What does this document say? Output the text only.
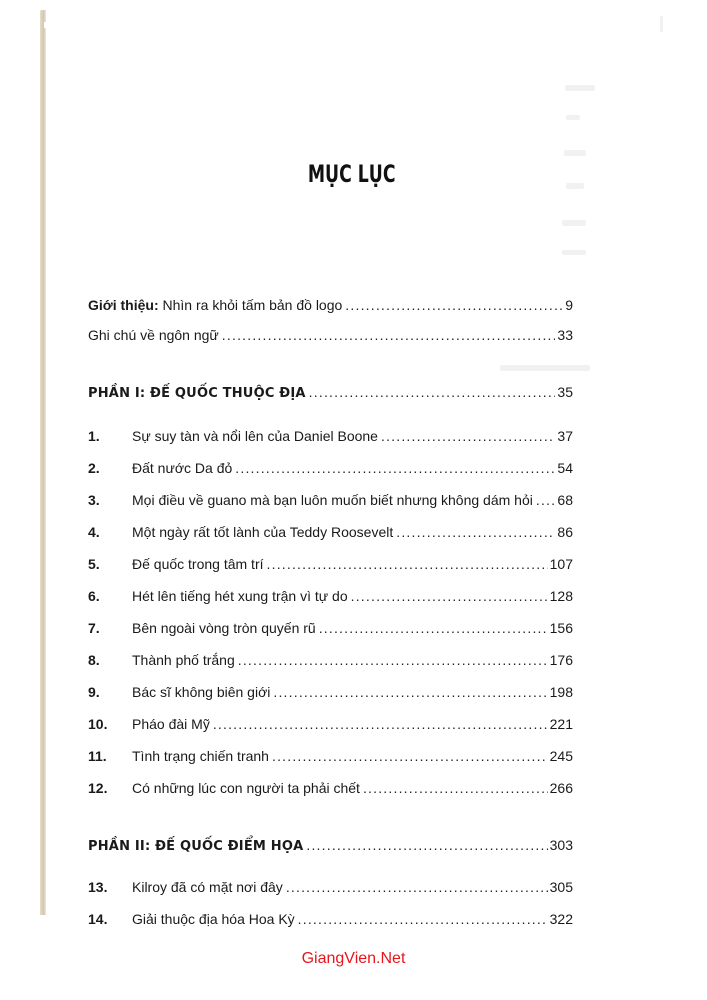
MỤC LỤC
Giới thiệu: Nhìn ra khỏi tấm bản đồ logo .....	9
Ghi chú về ngôn ngữ .....	33
PHẦN I: ĐẾ QUỐC THUỘC ĐỊA .....	35
1.	Sự suy tàn và nổi lên của Daniel Boone .....	37
2.	Đất nước Da đỏ .....	54
3.	Mọi điều về guano mà bạn luôn muốn biết nhưng không dám hỏi ..... 68
4.	Một ngày rất tốt lành của Teddy Roosevelt .....	86
5.	Đế quốc trong tâm trí .....	107
6.	Hét lên tiếng hét xung trận vì tự do .....	128
7.	Bên ngoài vòng tròn quyến rũ .....	156
8.	Thành phố trắng .....	176
9.	Bác sĩ không biên giới .....	198
10.	Pháo đài Mỹ .....	221
11.	Tình trạng chiến tranh .....	245
12.	Có những lúc con người ta phải chết .....	266
PHẦN II: ĐẾ QUỐC ĐIỂM HỌA .....	303
13.	Kilroy đã có mặt nơi đây .....	305
14.	Giải thuộc địa hóa Hoa Kỳ .....	322
GiangVien.Net
